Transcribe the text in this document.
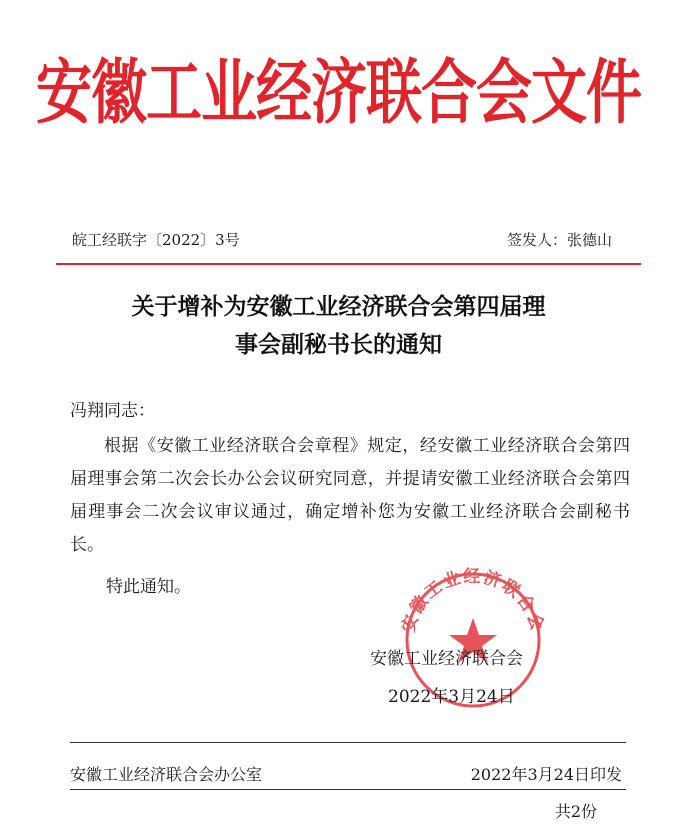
安徽工业经济联合会文件
皖工经联字〔2022〕3号	签发人：张德山
关于增补为安徽工业经济联合会第四届理
事会副秘书长的通知
冯翔同志：
根据《安徽工业经济联合会章程》规定，经安徽工业经济联合会第四届理事会第二次会长办公会议研究同意，并提请安徽工业经济联合会第四届理事会二次会议审议通过，确定增补您为安徽工业经济联合会副秘书长。
特此通知。
安徽工业经济联合会
安徽工业经济联合会
2022年3月24日
安徽工业经济联合会办公室	2022年3月24日印发
共2份
